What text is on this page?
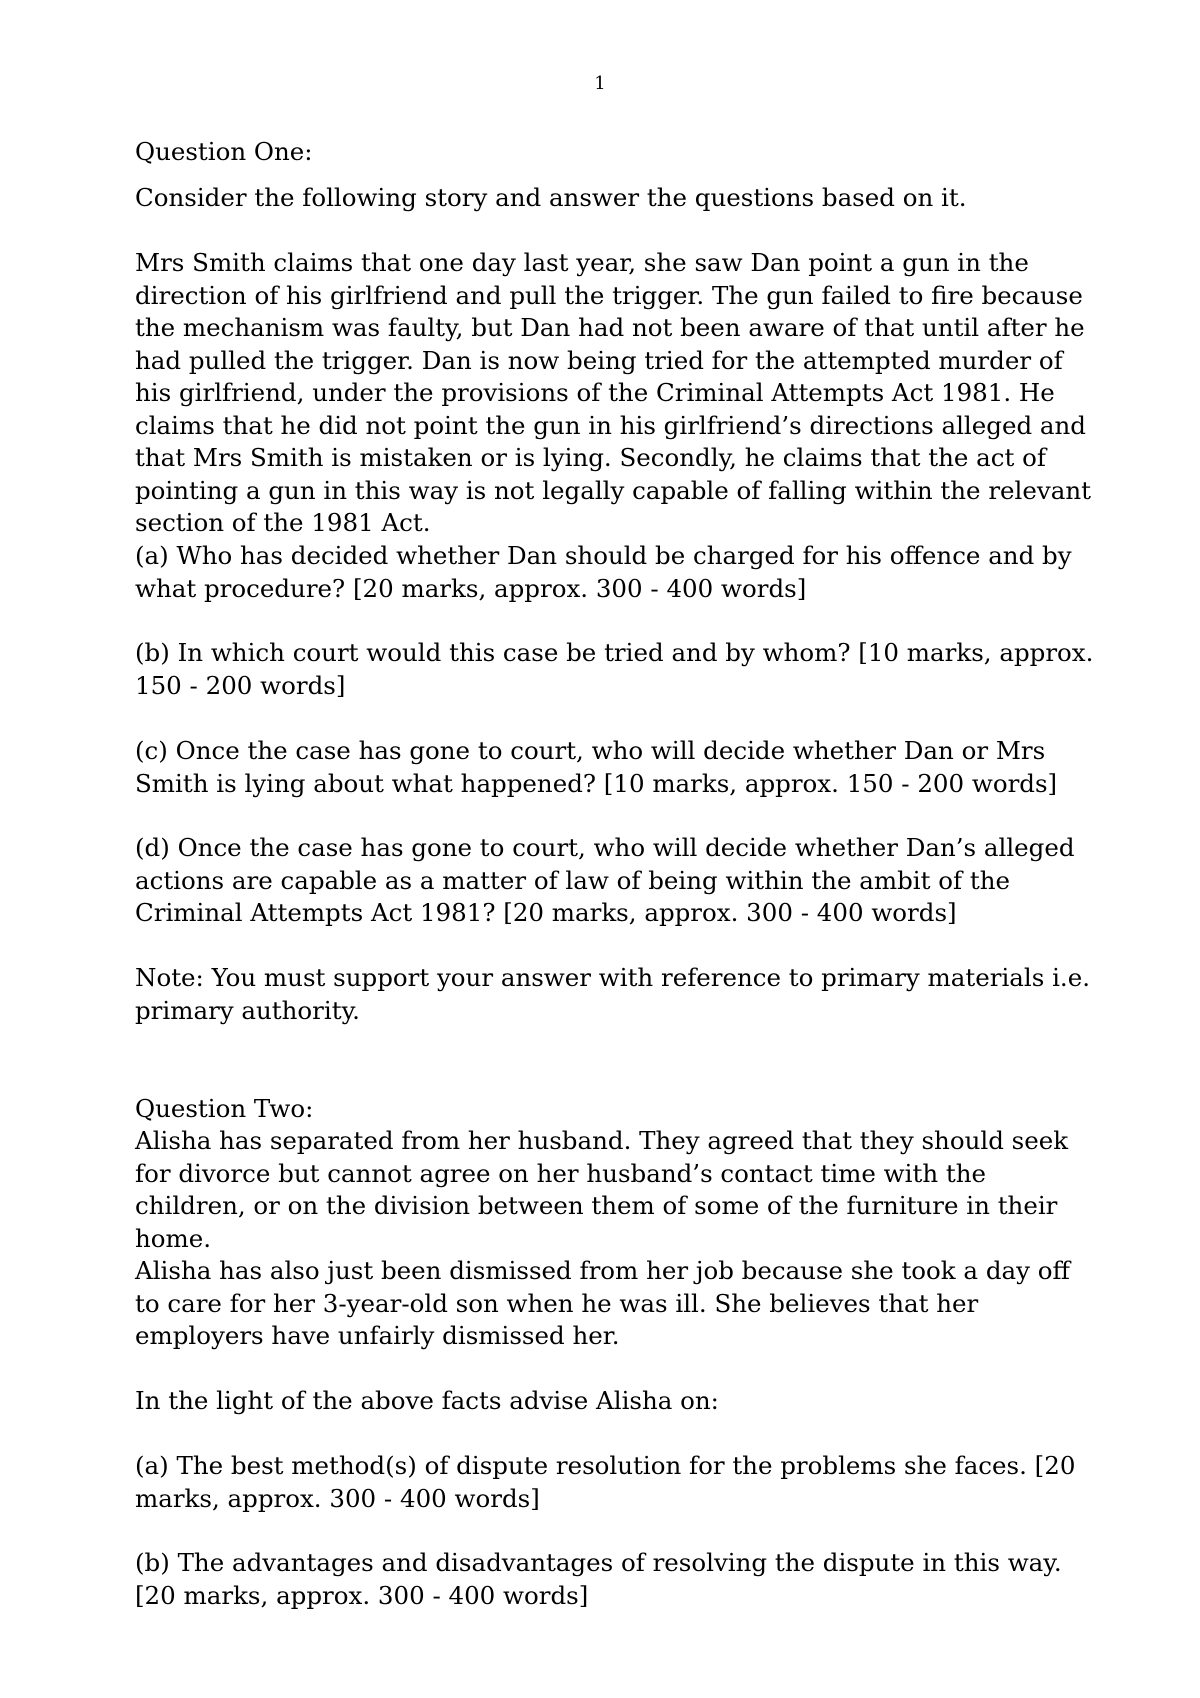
1

Question One:

Consider the following story and answer the questions based on it.

Mrs Smith claims that one day last year, she saw Dan point a gun in the direction of his girlfriend and pull the trigger. The gun failed to fire because the mechanism was faulty, but Dan had not been aware of that until after he had pulled the trigger. Dan is now being tried for the attempted murder of his girlfriend, under the provisions of the Criminal Attempts Act 1981. He claims that he did not point the gun in his girlfriend’s directions alleged and that Mrs Smith is mistaken or is lying. Secondly, he claims that the act of pointing a gun in this way is not legally capable of falling within the relevant section of the 1981 Act.

(a) Who has decided whether Dan should be charged for his offence and by what procedure? [20 marks, approx. 300 - 400 words]

(b) In which court would this case be tried and by whom? [10 marks, approx. 150 - 200 words]

(c) Once the case has gone to court, who will decide whether Dan or Mrs Smith is lying about what happened? [10 marks, approx. 150 - 200 words]

(d) Once the case has gone to court, who will decide whether Dan’s alleged actions are capable as a matter of law of being within the ambit of the Criminal Attempts Act 1981? [20 marks, approx. 300 - 400 words]

Note: You must support your answer with reference to primary materials i.e. primary authority.

Question Two:

Alisha has separated from her husband. They agreed that they should seek for divorce but cannot agree on her husband’s contact time with the children, or on the division between them of some of the furniture in their home.

Alisha has also just been dismissed from her job because she took a day off to care for her 3-year-old son when he was ill. She believes that her employers have unfairly dismissed her.

In the light of the above facts advise Alisha on:

(a) The best method(s) of dispute resolution for the problems she faces. [20 marks, approx. 300 - 400 words]

(b) The advantages and disadvantages of resolving the dispute in this way. [20 marks, approx. 300 - 400 words]
